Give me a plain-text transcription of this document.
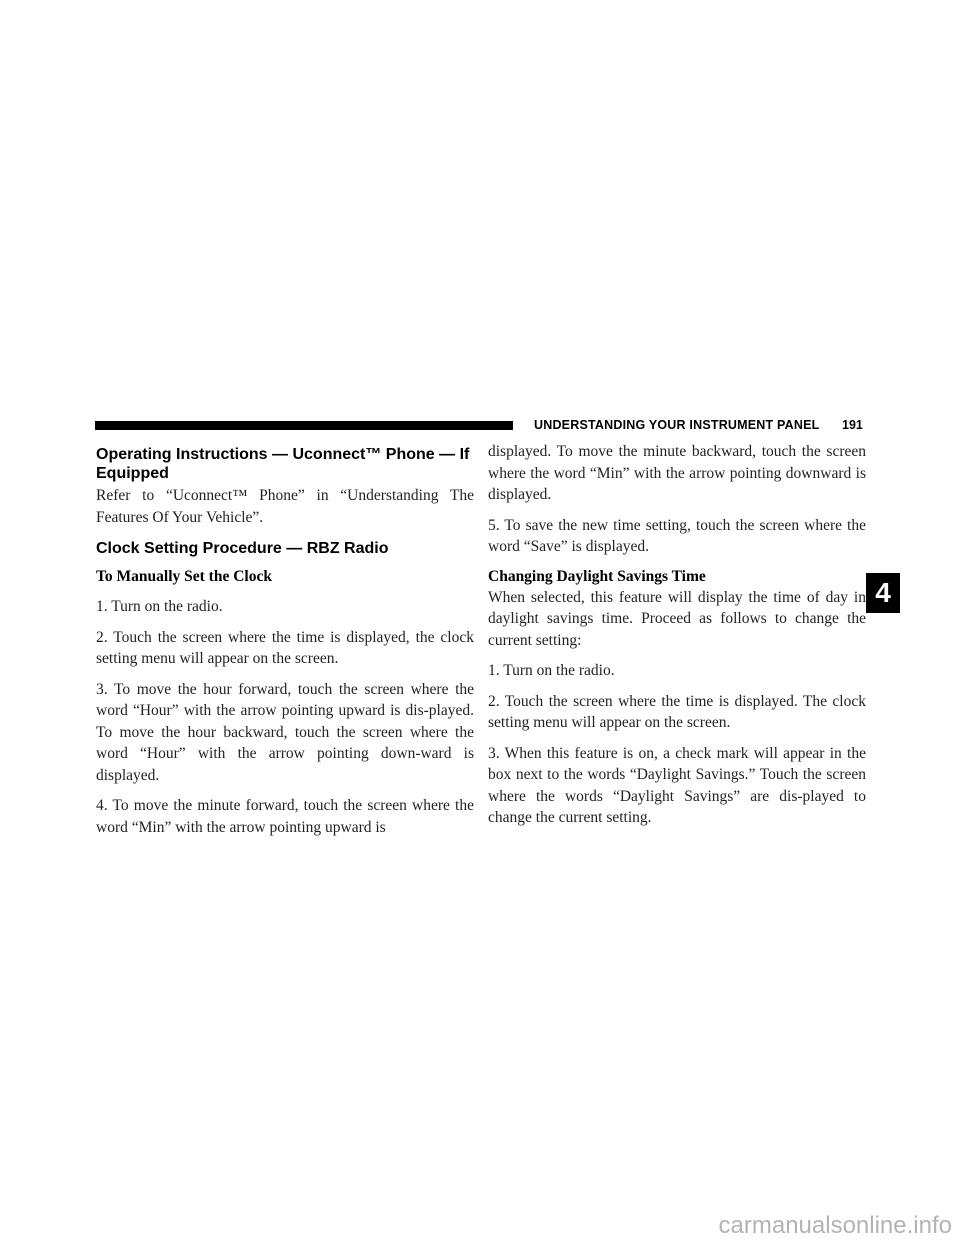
UNDERSTANDING YOUR INSTRUMENT PANEL 191
Operating Instructions — Uconnect™ Phone — If Equipped

Refer to “Uconnect™ Phone” in “Understanding The Features Of Your Vehicle”.

Clock Setting Procedure — RBZ Radio
To Manually Set the Clock

1. Turn on the radio.

2. Touch the screen where the time is displayed, the clock setting menu will appear on the screen.

3. To move the hour forward, touch the screen where the word “Hour” with the arrow pointing upward is dis-played. To move the hour backward, touch the screen where the word “Hour” with the arrow pointing down-ward is displayed.

4. To move the minute forward, touch the screen where the word “Min” with the arrow pointing upward is

displayed. To move the minute backward, touch the screen where the word “Min” with the arrow pointing downward is displayed.

5. To save the new time setting, touch the screen where the word “Save” is displayed.

Changing Daylight Savings Time

When selected, this feature will display the time of day in daylight savings time. Proceed as follows to change the current setting:

1. Turn on the radio.

2. Touch the screen where the time is displayed. The clock setting menu will appear on the screen.

3. When this feature is on, a check mark will appear in the box next to the words “Daylight Savings.” Touch the screen where the words “Daylight Savings” are dis-played to change the current setting.

4
carmanualsonline.info
